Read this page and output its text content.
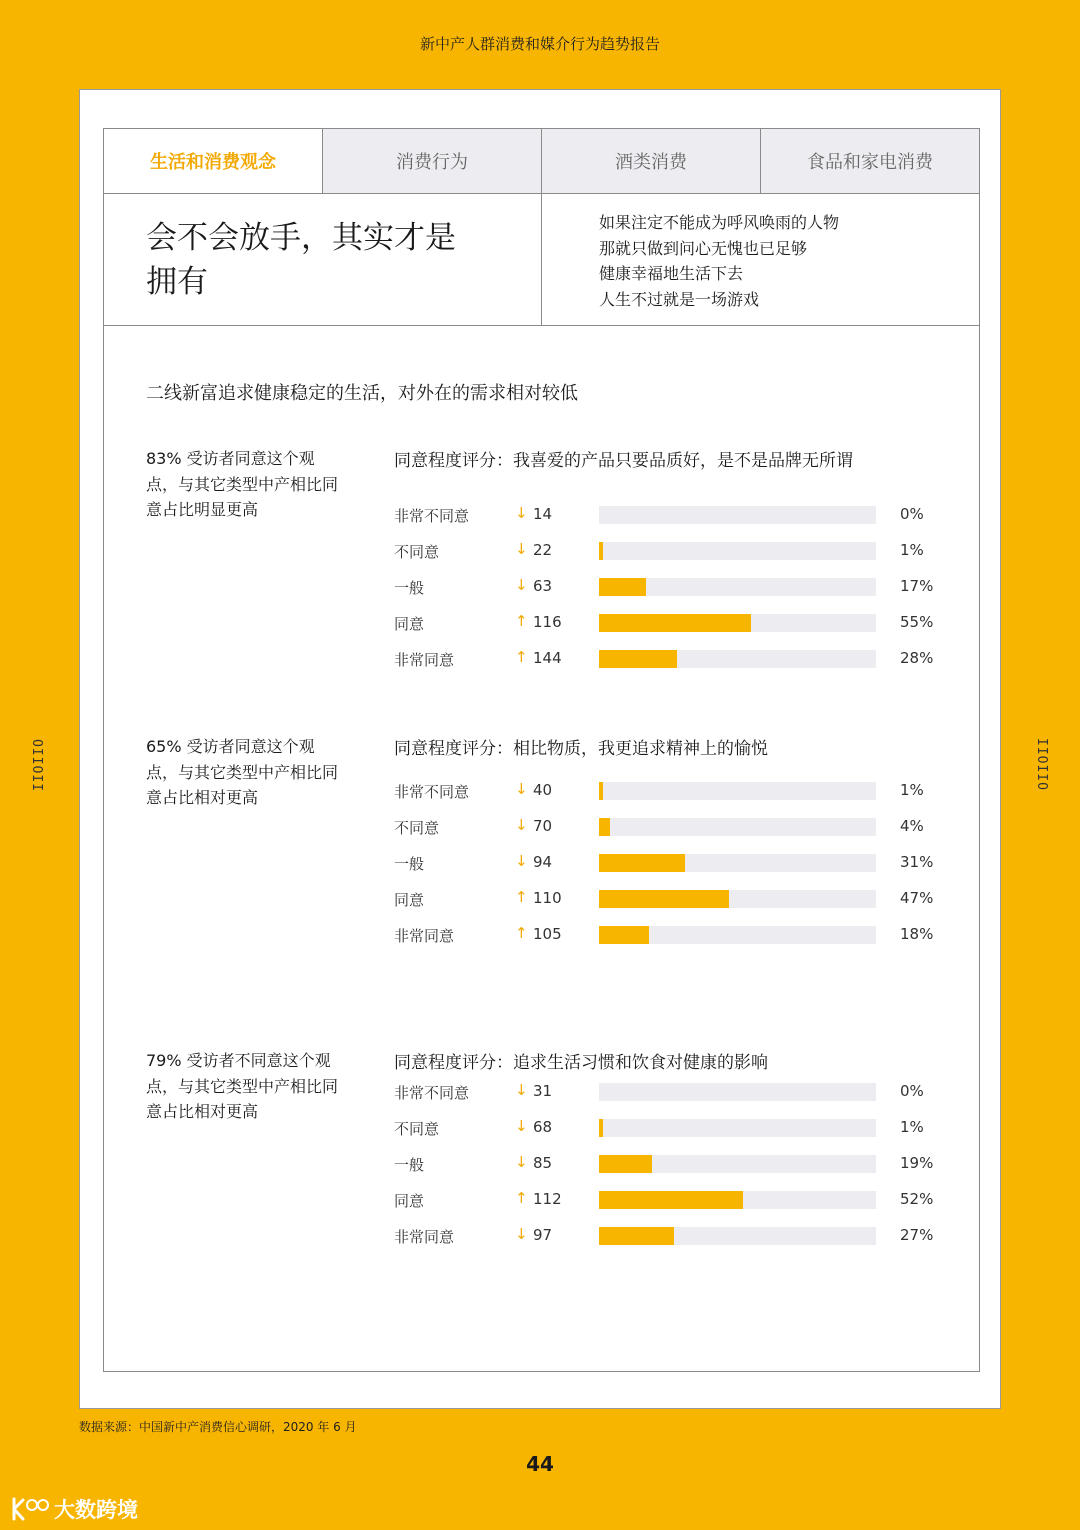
新中产人群消费和媒介行为趋势报告
IIOIIO	IIOIIO
生活和消费观念	消费行为	酒类消费	食品和家电消费
会不会放手，其实才是拥有
如果注定不能成为呼风唤雨的人物
那就只做到问心无愧也已足够
健康幸福地生活下去
人生不过就是一场游戏
二线新富追求健康稳定的生活，对外在的需求相对较低
83% 受访者同意这个观点，与其它类型中产相比同意占比明显更高
同意程度评分：我喜爱的产品只要品质好，是不是品牌无所谓
非常不同意	↓ 14	0%
不同意	↓ 22	1%
一般	↓ 63	17%
同意	↑ 116	55%
非常同意	↑ 144	28%
65% 受访者同意这个观点，与其它类型中产相比同意占比相对更高
同意程度评分：相比物质，我更追求精神上的愉悦
非常不同意	↓ 40	1%
不同意	↓ 70	4%
一般	↓ 94	31%
同意	↑ 110	47%
非常同意	↑ 105	18%
79% 受访者不同意这个观点，与其它类型中产相比同意占比相对更高
同意程度评分：追求生活习惯和饮食对健康的影响
非常不同意	↓ 31	0%
不同意	↓ 68	1%
一般	↓ 85	19%
同意	↑ 112	52%
非常同意	↓ 97	27%
数据来源：中国新中产消费信心调研，2020 年 6 月
44
大数跨境
